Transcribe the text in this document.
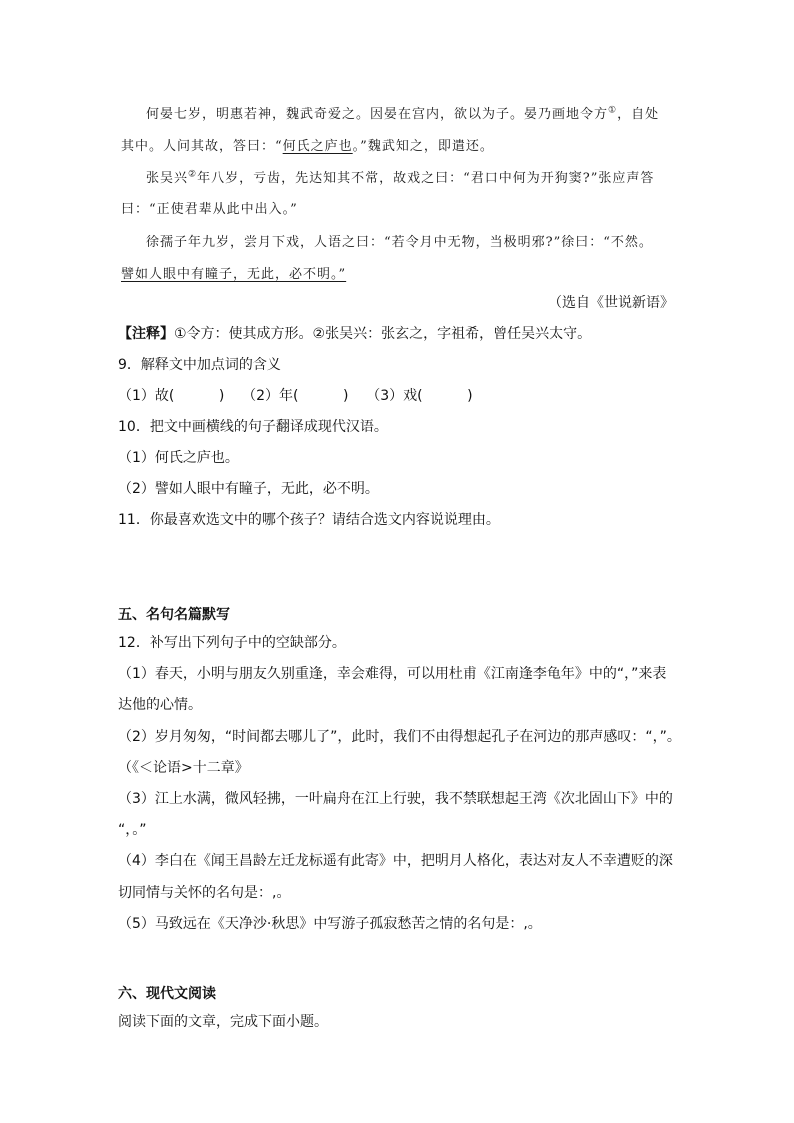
何晏七岁，明惠若神，魏武奇爱之。因晏在宫内，欲以为子。晏乃画地令方①，自处
其中。人问其故，答曰：“何氏之庐也。”魏武知之，即遣还。
张吴兴②年八岁，亏齿，先达知其不常，故戏之曰：“君口中何为开狗窦?”张应声答
曰：“正使君辈从此中出入。”
徐孺子年九岁，尝月下戏，人语之曰：“若令月中无物，当极明邪?”徐曰：“不然。
譬如人眼中有瞳子，无此，必不明。”
（选自《世说新语》
【注释】①令方：使其成方形。②张吴兴：张玄之，字祖希，曾任吴兴太守。
9．解释文中加点词的含义
（1）故(          )    （2）年(          )    （3）戏(          )
10．把文中画横线的句子翻译成现代汉语。
（1）何氏之庐也。
（2）譬如人眼中有瞳子，无此，必不明。
11．你最喜欢选文中的哪个孩子？请结合选文内容说说理由。
五、名句名篇默写
12．补写出下列句子中的空缺部分。
（1）春天，小明与朋友久别重逢，幸会难得，可以用杜甫《江南逢李龟年》中的“，”来表
达他的心情。
（2）岁月匆匆，“时间都去哪儿了”，此时，我们不由得想起孔子在河边的那声感叹：“，”。
（《＜论语>十二章》
（3）江上水满，微风轻拂，一叶扁舟在江上行驶，我不禁联想起王湾《次北固山下》中的
“，。”
（4）李白在《闻王昌龄左迁龙标遥有此寄》中，把明月人格化，表达对友人不幸遭贬的深
切同情与关怀的名句是：,。
（5）马致远在《天净沙·秋思》中写游子孤寂愁苦之情的名句是：,。
六、现代文阅读
阅读下面的文章，完成下面小题。
